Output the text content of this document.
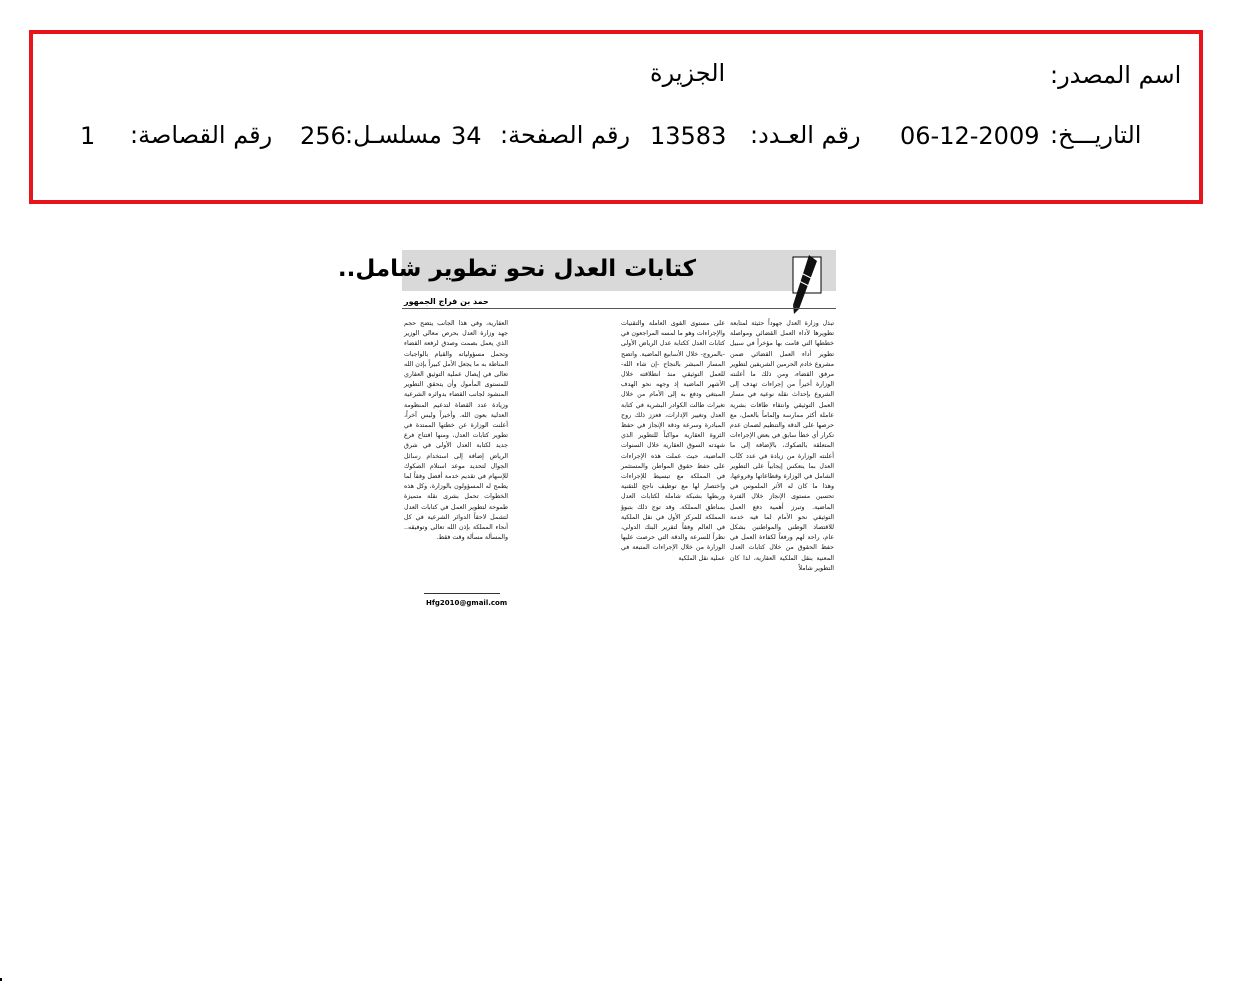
اسم المصدر:
الجزيرة
التاريـــخ:
06-12-2009
رقم العـدد:
13583
رقم الصفحة:
34
مسلسـل:
256
رقم القصاصة:
1
كتابات العدل نحو تطوير شامل..
حمد بن فراج الجمهور

تبذل وزارة العدل جهوداً حثيثة لمتابعة تطويرها لأداء العمل القضائي ومواصلة خططها التي قامت بها مؤخراً في سبيل تطوير أداء العمل القضائي ضمن مشروع خادم الحرمين الشريفين لتطوير مرفق القضاء، ومن ذلك ما أعلنته الوزارة أخيراً من إجراءات تهدف إلى الشروع بإحداث نقلة نوعية في مسار العمل التوثيقي وانتقاء طاقات بشرية عاملة أكثر ممارسة وإلماماً بالعمل، مع حرصها على الدقة والتنظيم لضمان عدم تكرار أي خطأ سابق في بعض الإجراءات المتعلقة بالصكوك، بالإضافة إلى ما أعلنته الوزارة من زيادة في عدد كتّاب العدل بما ينعكس إيجابياً على التطوير الشامل في الوزارة وقطاعاتها وفروعها، وهذا ما كان له الأثر الملموس في تحسين مستوى الإنجاز خلال الفترة الماضية. وتبرز أهمية دفع العمل التوثيقي نحو الأمام لما فيه خدمة للاقتصاد الوطني والمواطنين بشكل عام، راحة لهم ورفعاً لكفاءة العمل في حفظ الحقوق من خلال كتابات العدل المعنية بنقل الملكية العقارية، لذا كان التطوير شاملاً

على مستوى القوى العاملة والتقنيات والإجراءات وهو ما لمسه المراجعون في كتابات العدل ككتابة عدل الرياض الأولى -بالمروج- خلال الأسابيع الماضية. واتضح المسار المبشر بالنجاح -إن شاء الله- للعمل التوثيقي منذ انطلاقته خلال الأشهر الماضية إذ وجهه نحو الهدف المبتغى ودفع به إلى الأمام من خلال تغيرات طالت الكوادر البشرية في كتابة العدل وتغيير الإدارات، فعزز ذلك روح المبادرة وسرعة ودقة الإنجاز في حفظ الثروة العقارية مواكباً للتطوير الذي شهدته السوق العقارية خلال السنوات الماضية، حيث عملت هذه الإجراءات على حفظ حقوق المواطن والمستثمر في المملكة مع تبسيط للإجراءات واختصار لها مع توظيف ناجح للتقنية وربطها بشبكة شاملة لكتابات العدل بمناطق المملكة. وقد توج ذلك بتبوؤ المملكة للمركز الأول في نقل الملكية في العالم وفقاً لتقرير البنك الدولي، نظراً للسرعة والدقة التي حرصت عليها الوزارة من خلال الإجراءات المتبعة في عملية نقل الملكية

العقارية، وفي هذا الجانب يتضح حجم جهد وزارة العدل بحرص معالي الوزير الذي يعمل بصمت وصدق لرفعة القضاء وتحمل مسؤولياته والقيام بالواجبات المناطة به ما يجعل الأمل كبيراً بإذن الله تعالى في إيصال عملية التوثيق العقاري للمستوى المأمول وأن يتحقق التطوير المنشود لجانب القضاء بدوائره الشرعية وزيادة عدد القضاة لتدعيم المنظومة العدلية بعون الله. وأخيراً وليس آخراً، أعلنت الوزارة عن خطتها الممتدة في تطوير كتابات العدل، ومنها افتتاح فرع جديد لكتابة العدل الأولى في شرق الرياض إضافة إلى استخدام رسائل الجوال لتحديد موعد استلام الصكوك للإسهام في تقديم خدمة أفضل وفقاً لما يطمح له المسؤولون بالوزارة، وكل هذه الخطوات تحمل بشرى نقلة متميزة طموحة لتطوير العمل في كتابات العدل لتشمل لاحقاً الدوائر الشرعية في كل أنحاء المملكة بإذن الله تعالى وتوفيقه.. والمسألة مسألة وقت فقط.

Hfg2010@gmail.com
